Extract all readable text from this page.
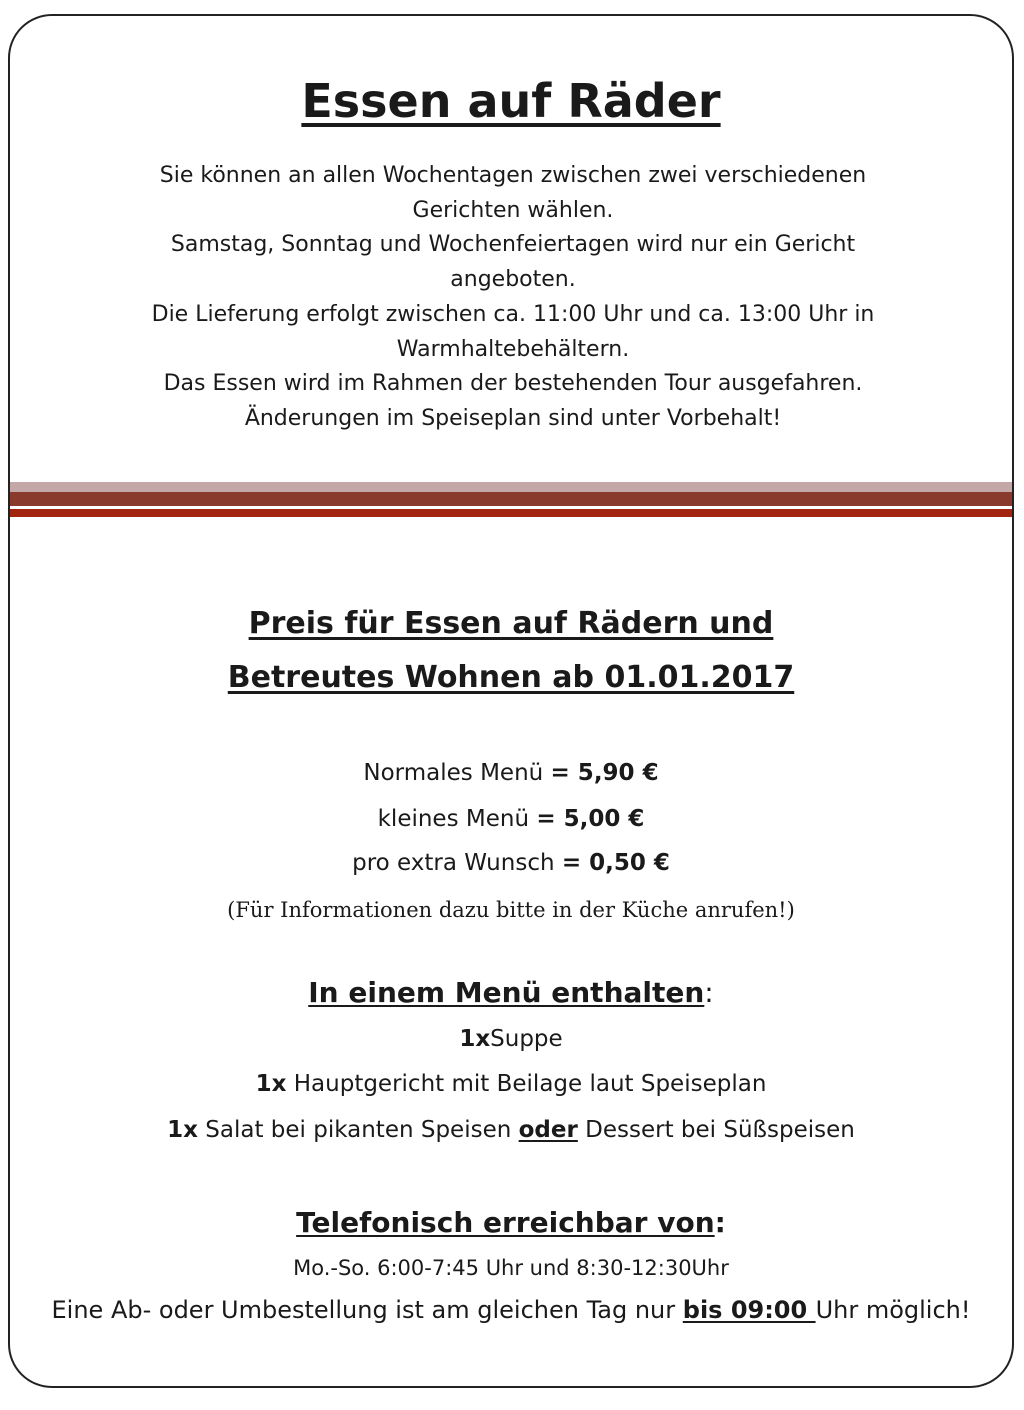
Essen auf Räder
Sie können an allen Wochentagen zwischen zwei verschiedenen
Gerichten wählen.
Samstag, Sonntag und Wochenfeiertagen wird nur ein Gericht
angeboten.
Die Lieferung erfolgt zwischen ca. 11:00 Uhr und ca. 13:00 Uhr in
Warmhaltebehältern.
Das Essen wird im Rahmen der bestehenden Tour ausgefahren.
Änderungen im Speiseplan sind unter Vorbehalt!
Preis für Essen auf Rädern und
Betreutes Wohnen ab 01.01.2017
Normales Menü = 5,90 €
kleines Menü = 5,00 €
pro extra Wunsch = 0,50 €
(Für Informationen dazu bitte in der Küche anrufen!)
In einem Menü enthalten:
1xSuppe
1x Hauptgericht mit Beilage laut Speiseplan
1x Salat bei pikanten Speisen oder Dessert bei Süßspeisen
Telefonisch erreichbar von:
Mo.-So. 6:00-7:45 Uhr und 8:30-12:30Uhr
Eine Ab- oder Umbestellung ist am gleichen Tag nur bis 09:00 Uhr möglich!
